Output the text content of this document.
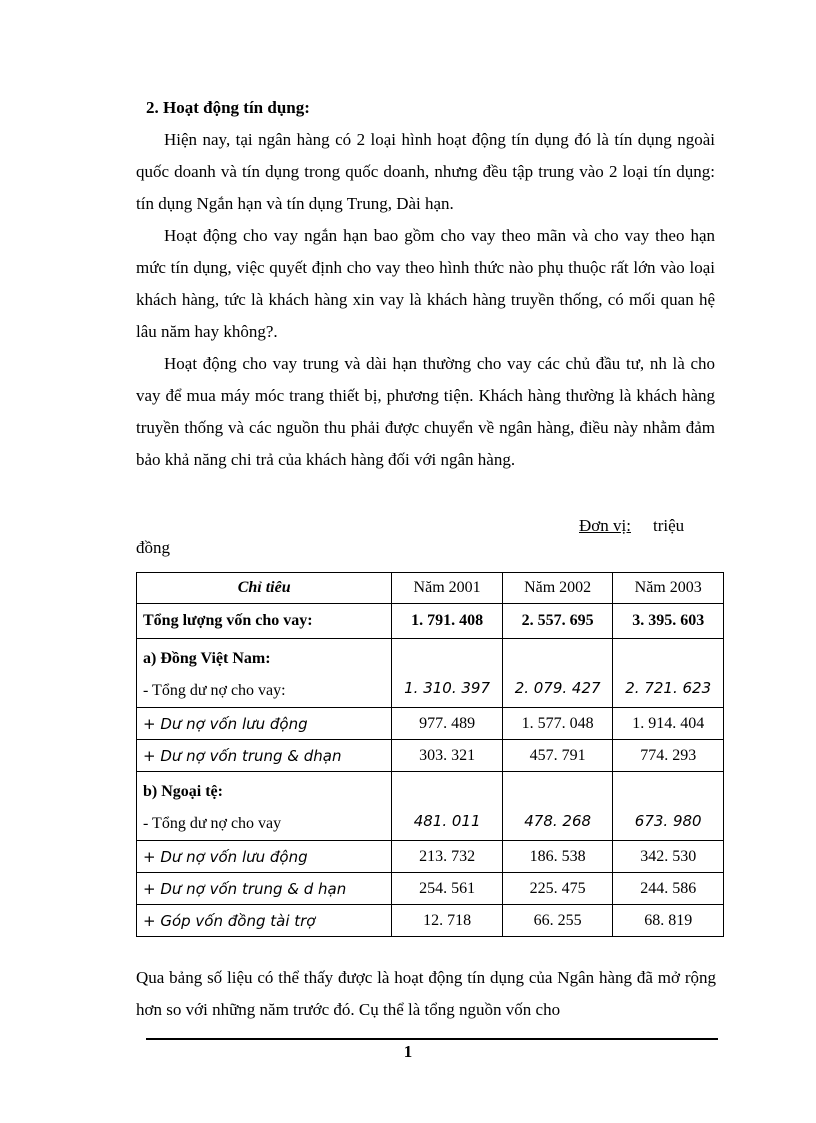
2. Hoạt động tín dụng:

Hiện nay, tại ngân hàng có 2 loại hình hoạt động tín dụng đó là tín dụng ngoài quốc doanh và tín dụng trong quốc doanh, nhưng đều tập trung vào 2 loại tín dụng: tín dụng Ngắn hạn và tín dụng Trung, Dài hạn.

Hoạt động cho vay ngắn hạn bao gồm cho vay theo mãn và cho vay theo hạn mức tín dụng, việc quyết định cho vay theo hình thức nào phụ thuộc rất lớn vào loại khách hàng, tức là khách hàng xin vay là khách hàng truyền thống, có mối quan hệ lâu năm hay không?.

Hoạt động cho vay trung và dài hạn thường cho vay các chủ đầu tư, nh là cho vay để mua máy móc trang thiết bị, phương tiện. Khách hàng thường là khách hàng truyền thống và các nguồn thu phải được chuyển về ngân hàng, điều này nhằm đảm bảo khả năng chi trả của khách hàng đối với ngân hàng.

Đơn vị: triệu
đồng
Chỉ tiêu	Năm 2001	Năm 2002	Năm 2003
Tổng lượng vốn cho vay:	1. 791. 408	2. 557. 695	3. 395. 603

a) Đồng Việt Nam:
- Tổng dư nợ cho vay:	1. 310. 397	2. 079. 427	2. 721. 623
+ Dư nợ vốn lưu động	977. 489	1. 577. 048	1. 914. 404
+ Dư nợ vốn trung & dhạn	303. 321	457. 791	774. 293

b) Ngoại tệ:
- Tổng dư nợ cho vay	481. 011	478. 268	673. 980
+ Dư nợ vốn lưu động	213. 732	186. 538	342. 530
+ Dư nợ vốn trung & d hạn	254. 561	225. 475	244. 586
+ Góp vốn đồng tài trợ	12. 718	66. 255	68. 819

Qua bảng số liệu có thể thấy được là hoạt động tín dụng của Ngân hàng đã mở rộng hơn so với những năm trước đó. Cụ thể là tổng nguồn vốn cho

1
